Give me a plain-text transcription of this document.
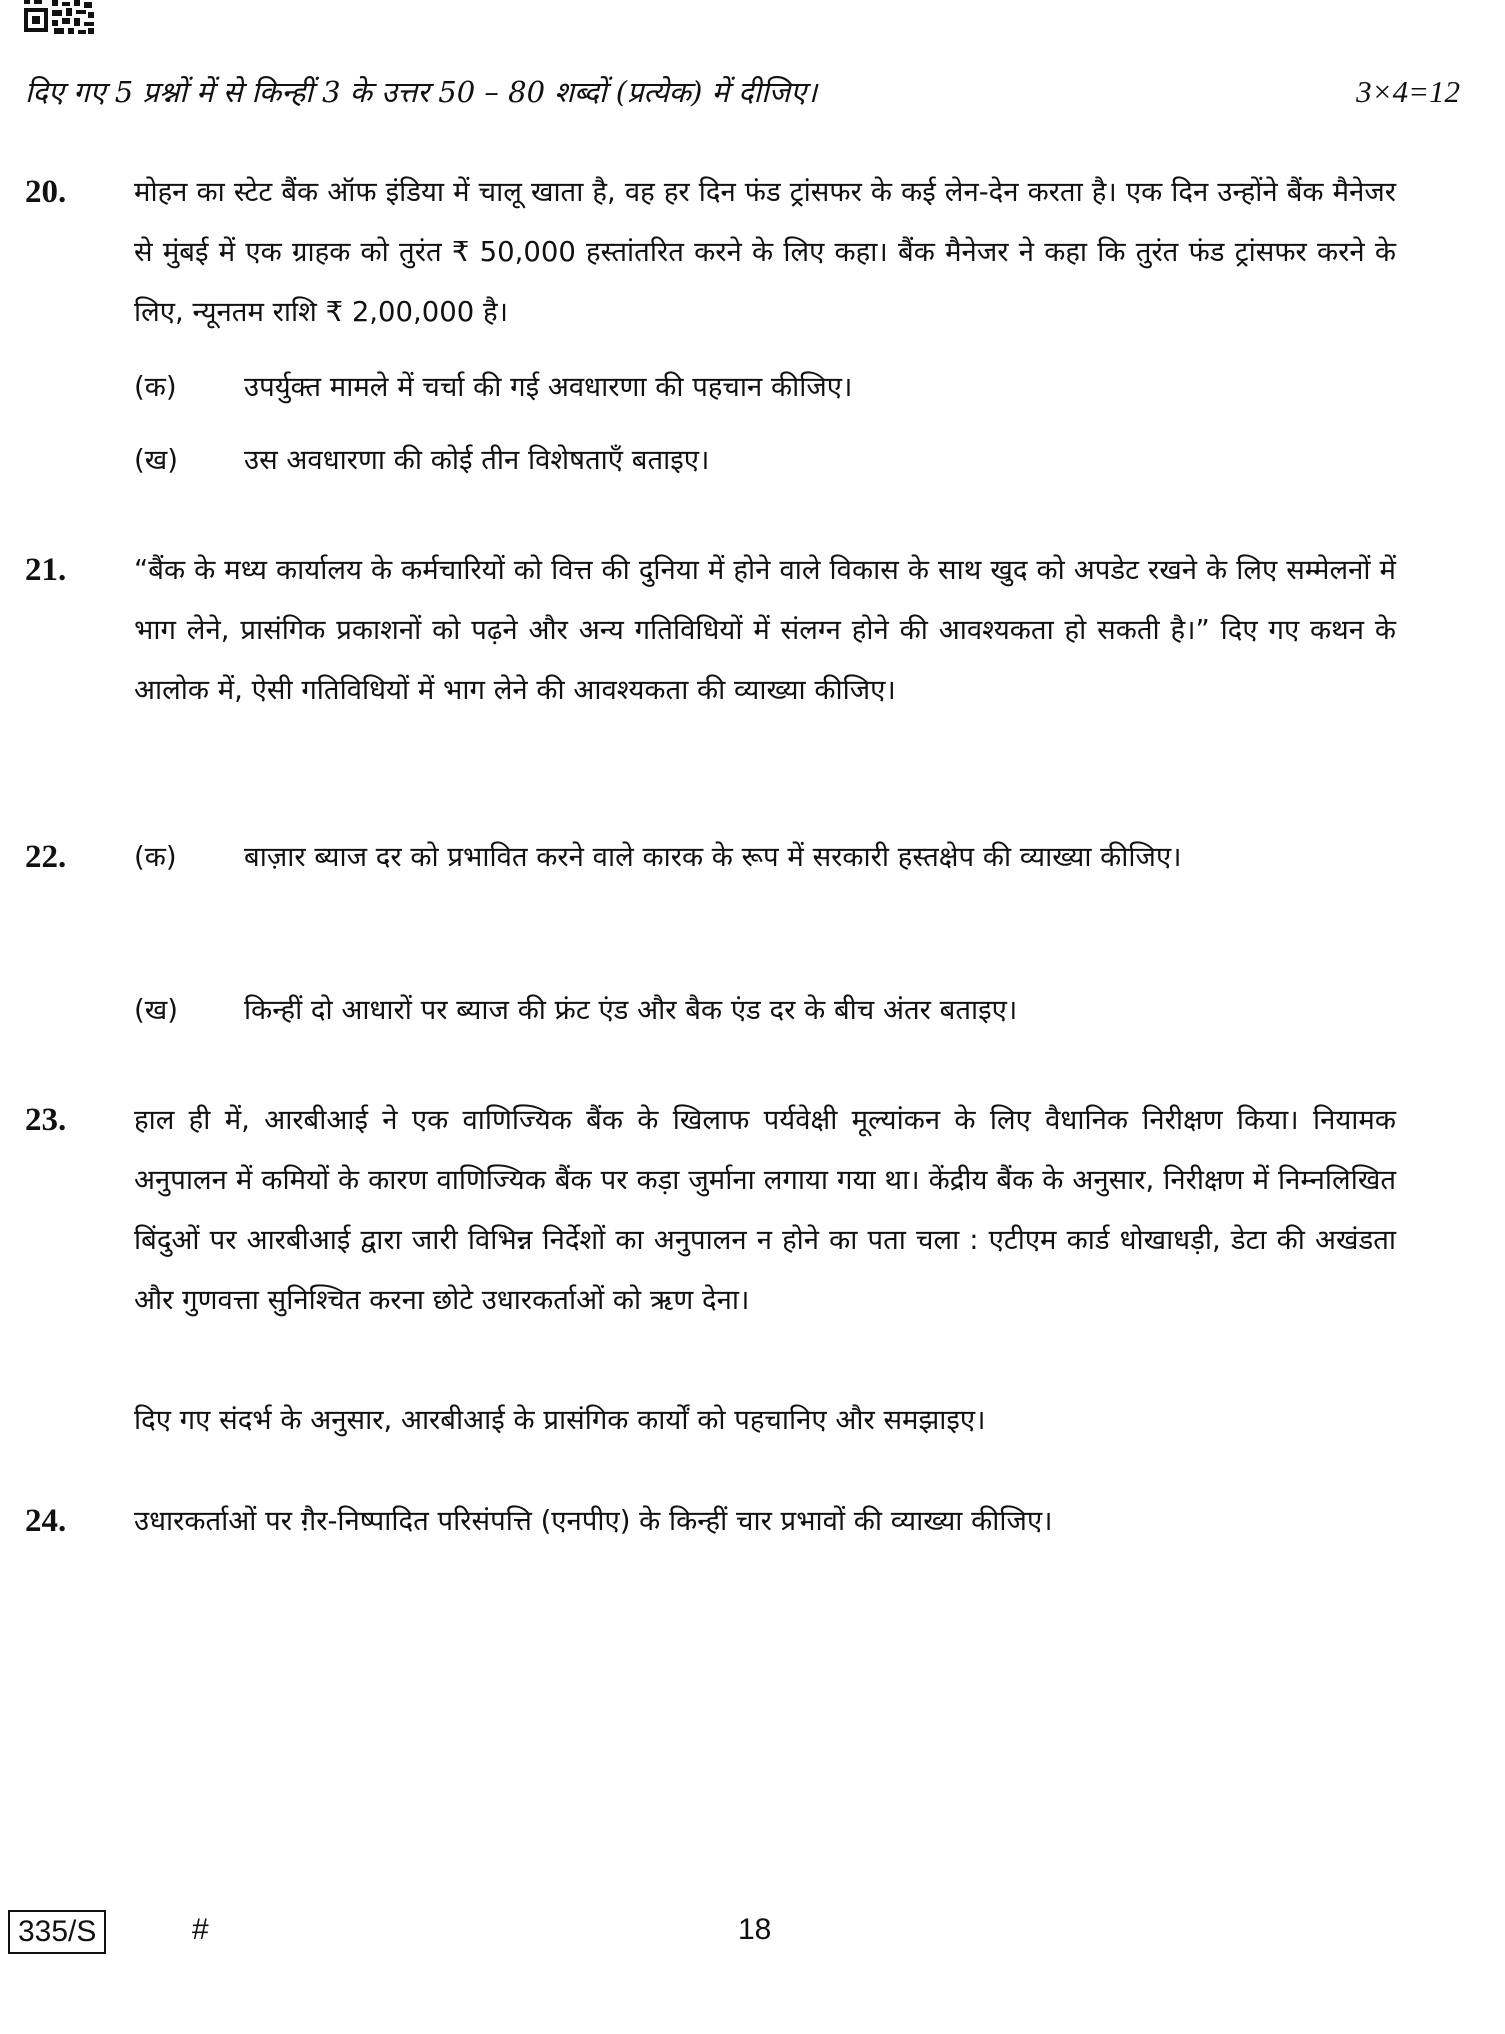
दिए गए 5 प्रश्नों में से किन्हीं 3 के उत्तर 50 – 80 शब्दों (प्रत्येक) में दीजिए।	3×4=12
20. मोहन का स्टेट बैंक ऑफ इंडिया में चालू खाता है, वह हर दिन फंड ट्रांसफर के कई लेन-देन करता है। एक दिन उन्होंने बैंक मैनेजर से मुंबई में एक ग्राहक को तुरंत ₹ 50,000 हस्तांतरित करने के लिए कहा। बैंक मैनेजर ने कहा कि तुरंत फंड ट्रांसफर करने के लिए, न्यूनतम राशि ₹ 2,00,000 है।
(क) उपर्युक्त मामले में चर्चा की गई अवधारणा की पहचान कीजिए।
(ख) उस अवधारणा की कोई तीन विशेषताएँ बताइए।
21. “बैंक के मध्य कार्यालय के कर्मचारियों को वित्त की दुनिया में होने वाले विकास के साथ खुद को अपडेट रखने के लिए सम्मेलनों में भाग लेने, प्रासंगिक प्रकाशनों को पढ़ने और अन्य गतिविधियों में संलग्न होने की आवश्यकता हो सकती है।” दिए गए कथन के आलोक में, ऐसी गतिविधियों में भाग लेने की आवश्यकता की व्याख्या कीजिए।
22. (क) बाज़ार ब्याज दर को प्रभावित करने वाले कारक के रूप में सरकारी हस्तक्षेप की व्याख्या कीजिए।
(ख) किन्हीं दो आधारों पर ब्याज की फ्रंट एंड और बैक एंड दर के बीच अंतर बताइए।
23. हाल ही में, आरबीआई ने एक वाणिज्यिक बैंक के खिलाफ पर्यवेक्षी मूल्यांकन के लिए वैधानिक निरीक्षण किया। नियामक अनुपालन में कमियों के कारण वाणिज्यिक बैंक पर कड़ा जुर्माना लगाया गया था। केंद्रीय बैंक के अनुसार, निरीक्षण में निम्नलिखित बिंदुओं पर आरबीआई द्वारा जारी विभिन्न निर्देशों का अनुपालन न होने का पता चला : एटीएम कार्ड धोखाधड़ी, डेटा की अखंडता और गुणवत्ता सुनिश्चित करना छोटे उधारकर्ताओं को ऋण देना।
दिए गए संदर्भ के अनुसार, आरबीआई के प्रासंगिक कार्यों को पहचानिए और समझाइए।
24. उधारकर्ताओं पर ग़ैर-निष्पादित परिसंपत्ति (एनपीए) के किन्हीं चार प्रभावों की व्याख्या कीजिए।
335/S	#	18
